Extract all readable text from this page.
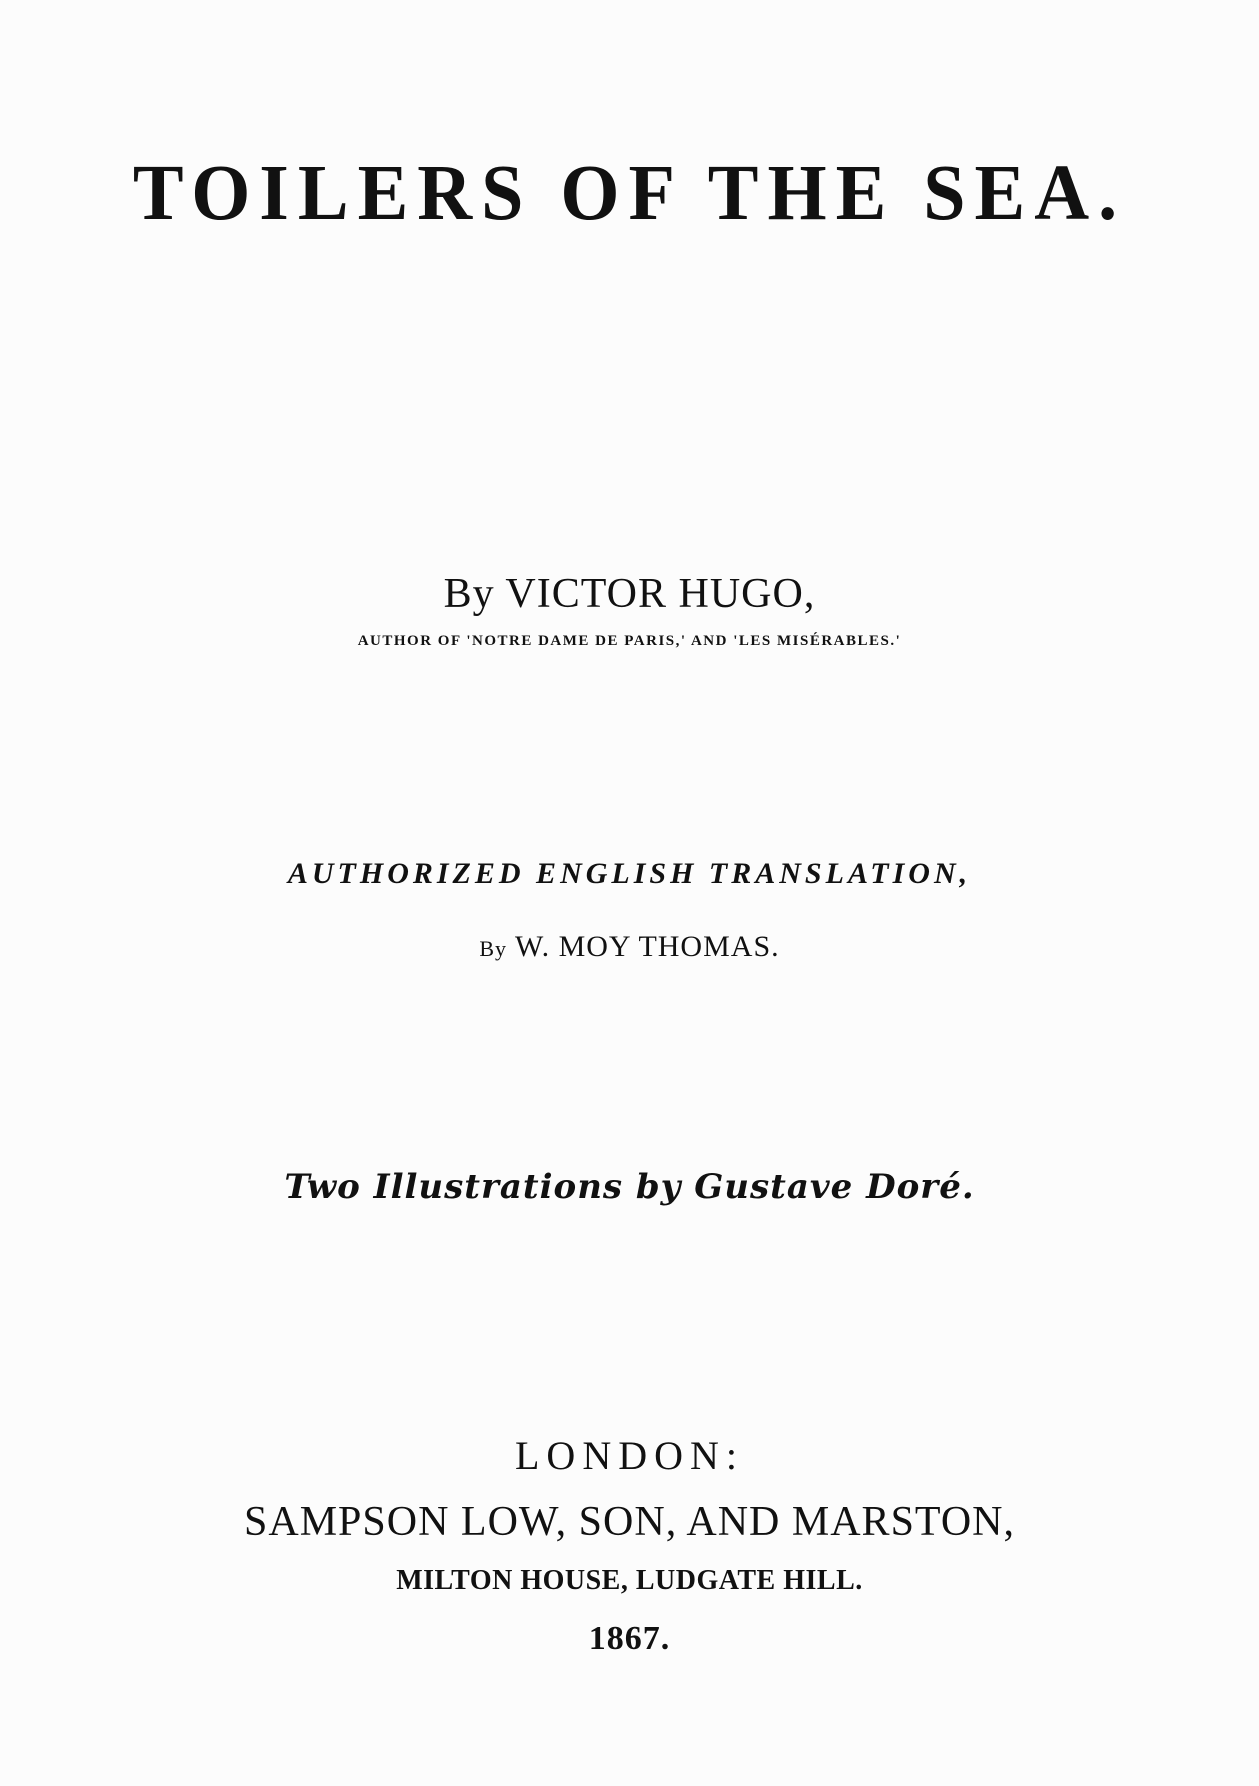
TOILERS OF THE SEA.
By VICTOR HUGO,
AUTHOR OF 'NOTRE DAME DE PARIS,' AND 'LES MISÉRABLES.'
AUTHORIZED ENGLISH TRANSLATION,
By W. MOY THOMAS.
Two Illustrations by Gustave Doré.
LONDON:
SAMPSON LOW, SON, AND MARSTON,
MILTON HOUSE, LUDGATE HILL.
1867.
